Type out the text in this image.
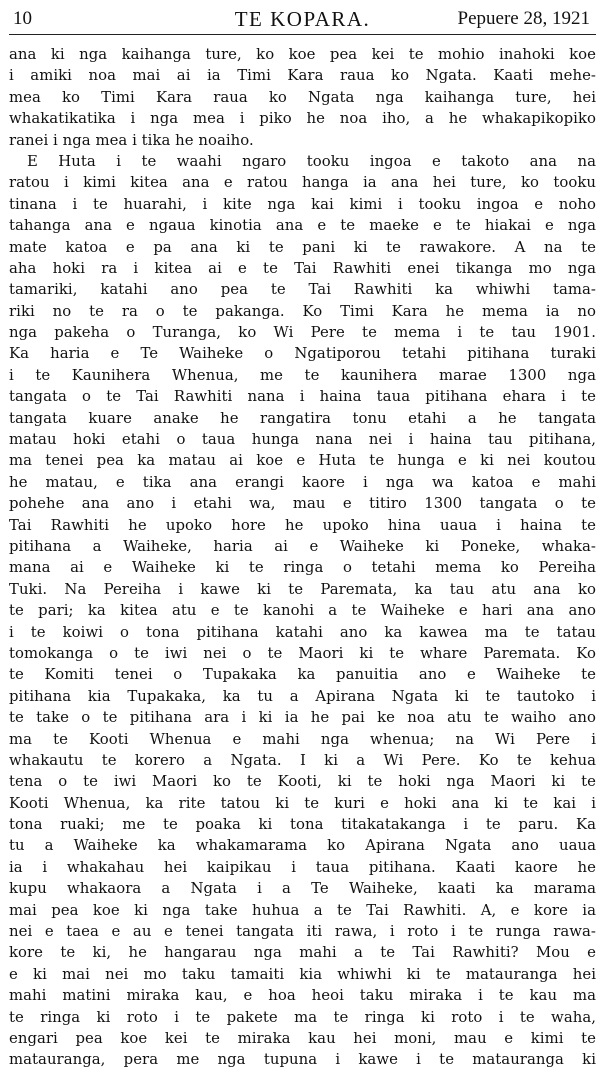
10	TE KOPARA.	Pepuere 28, 1921
ana ki nga kaihanga ture, ko koe pea kei te mohio inahoki koe
i amiki noa mai ai ia Timi Kara raua ko Ngata. Kaati mehe-
mea ko Timi Kara raua ko Ngata nga kaihanga ture, hei
whakatikatika i nga mea i piko he noa iho, a he whakapikopiko
ranei i nga mea i tika he noaiho.
E Huta i te waahi ngaro tooku ingoa e takoto ana na
ratou i kimi kitea ana e ratou hanga ia ana hei ture, ko tooku
tinana i te huarahi, i kite nga kai kimi i tooku ingoa e noho
tahanga ana e ngaua kinotia ana e te maeke e te hiakai e nga
mate katoa e pa ana ki te pani ki te rawakore. A na te
aha hoki ra i kitea ai e te Tai Rawhiti enei tikanga mo nga
tamariki, katahi ano pea te Tai Rawhiti ka whiwhi tama-
riki no te ra o te pakanga. Ko Timi Kara he mema ia no
nga pakeha o Turanga, ko Wi Pere te mema i te tau 1901.
Ka haria e Te Waiheke o Ngatiporou tetahi pitihana turaki
i te Kaunihera Whenua, me te kaunihera marae 1300 nga
tangata o te Tai Rawhiti nana i haina taua pitihana ehara i te
tangata kuare anake he rangatira tonu etahi a he tangata
matau hoki etahi o taua hunga nana nei i haina tau pitihana,
ma tenei pea ka matau ai koe e Huta te hunga e ki nei koutou
he matau, e tika ana erangi kaore i nga wa katoa e mahi
pohehe ana ano i etahi wa, mau e titiro 1300 tangata o te
Tai Rawhiti he upoko hore he upoko hina uaua i haina te
pitihana a Waiheke, haria ai e Waiheke ki Poneke, whaka-
mana ai e Waiheke ki te ringa o tetahi mema ko Pereiha
Tuki. Na Pereiha i kawe ki te Paremata, ka tau atu ana ko
te pari; ka kitea atu e te kanohi a te Waiheke e hari ana ano
i te koiwi o tona pitihana katahi ano ka kawea ma te tatau
tomokanga o te iwi nei o te Maori ki te whare Paremata. Ko
te Komiti tenei o Tupakaka ka panuitia ano e Waiheke te
pitihana kia Tupakaka, ka tu a Apirana Ngata ki te tautoko i
te take o te pitihana ara i ki ia he pai ke noa atu te waiho ano
ma te Kooti Whenua e mahi nga whenua; na Wi Pere i
whakautu te korero a Ngata. I ki a Wi Pere. Ko te kehua
tena o te iwi Maori ko te Kooti, ki te hoki nga Maori ki te
Kooti Whenua, ka rite tatou ki te kuri e hoki ana ki te kai i
tona ruaki; me te poaka ki tona titakatakanga i te paru. Ka
tu a Waiheke ka whakamarama ko Apirana Ngata ano uaua
ia i whakahau hei kaipikau i taua pitihana. Kaati kaore he
kupu whakaora a Ngata i a Te Waiheke, kaati ka marama
mai pea koe ki nga take huhua a te Tai Rawhiti. A, e kore ia
nei e taea e au e tenei tangata iti rawa, i roto i te runga rawa-
kore te ki, he hangarau nga mahi a te Tai Rawhiti? Mou e
e ki mai nei mo taku tamaiti kia whiwhi ki te matauranga hei
mahi matini miraka kau, e hoa heoi taku miraka i te kau ma
te ringa ki roto i te pakete ma te ringa ki roto i te waha,
engari pea koe kei te miraka kau hei moni, mau e kimi te
matauranga, pera me nga tupuna i kawe i te matauranga ki
